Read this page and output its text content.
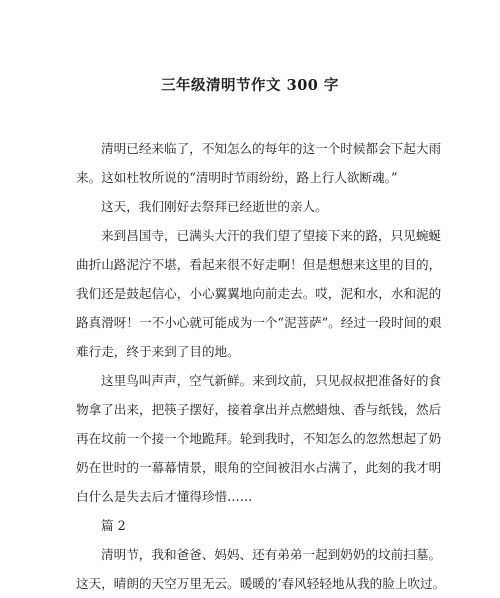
三年级清明节作文 300 字
清明已经来临了，不知怎么的每年的这一个时候都会下起大雨
来。这如杜牧所说的“清明时节雨纷纷，路上行人欲断魂。”
这天，我们刚好去祭拜已经逝世的亲人。
来到昌国寺，已满头大汗的我们望了望接下来的路，只见蜿蜒
曲折山路泥泞不堪，看起来很不好走啊！但是想想来这里的目的，
我们还是鼓起信心，小心翼翼地向前走去。哎，泥和水，水和泥的
路真滑呀！一不小心就可能成为一个“泥菩萨”。经过一段时间的艰
难行走，终于来到了目的地。
这里鸟叫声声，空气新鲜。来到坟前，只见叔叔把准备好的食
物拿了出来，把筷子摆好，接着拿出并点燃蜡烛、香与纸钱，然后
再在坟前一个接一个地跪拜。轮到我时，不知怎么的忽然想起了奶
奶在世时的一幕幕情景，眼角的空间被泪水占满了，此刻的我才明
白什么是失去后才懂得珍惜……
篇 2
清明节，我和爸爸、妈妈、还有弟弟一起到奶奶的坟前扫墓。
这天，晴朗的天空万里无云。暖暖的’春风轻轻地从我的脸上吹过。
